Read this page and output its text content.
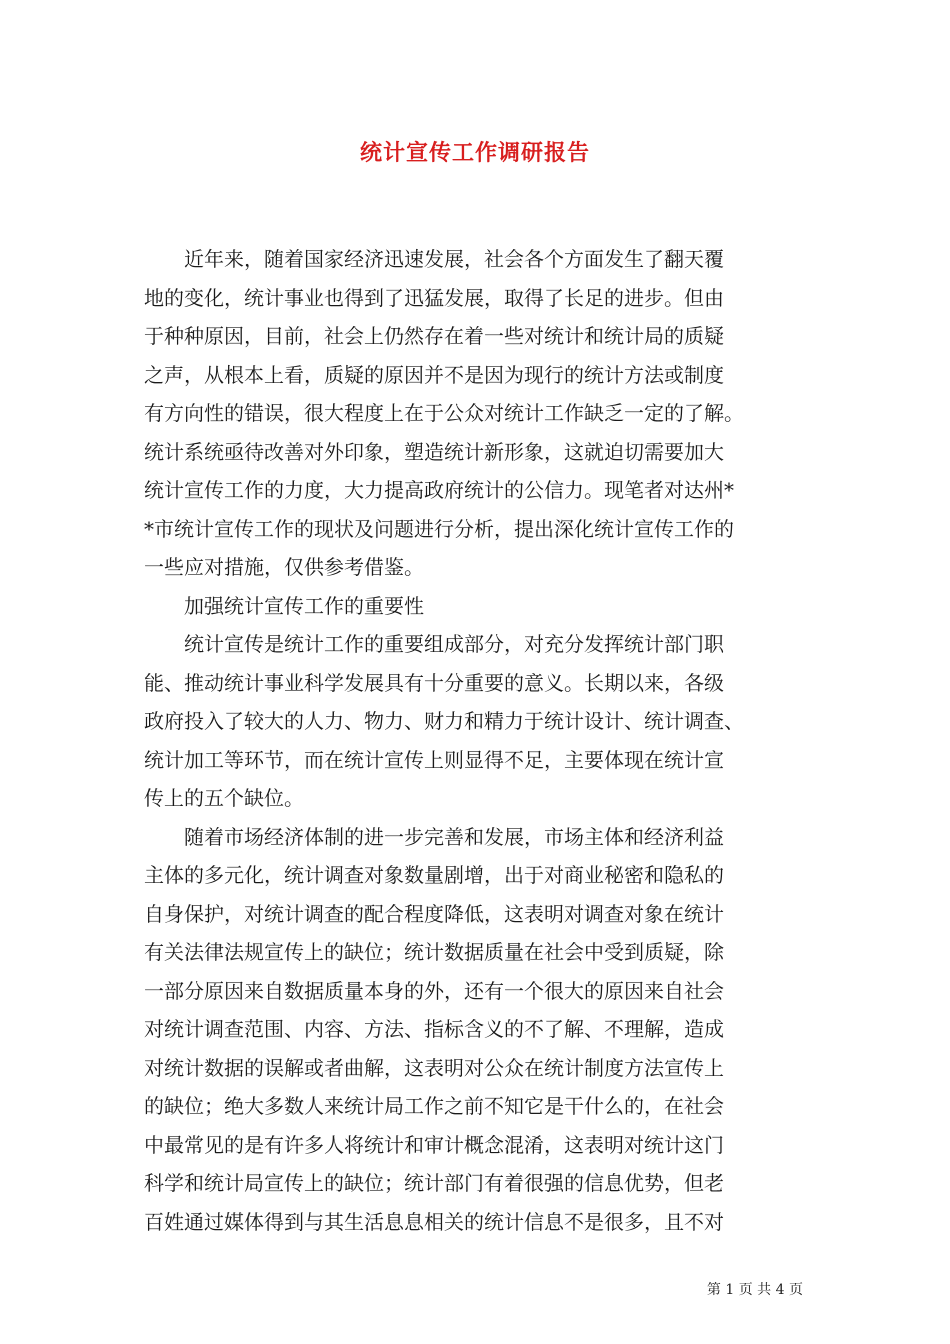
统计宣传工作调研报告
　　近年来，随着国家经济迅速发展，社会各个方面发生了翻天覆
地的变化，统计事业也得到了迅猛发展，取得了长足的进步。但由
于种种原因，目前，社会上仍然存在着一些对统计和统计局的质疑
之声，从根本上看，质疑的原因并不是因为现行的统计方法或制度
有方向性的错误，很大程度上在于公众对统计工作缺乏一定的了解。
统计系统亟待改善对外印象，塑造统计新形象，这就迫切需要加大
统计宣传工作的力度，大力提高政府统计的公信力。现笔者对达州*
*市统计宣传工作的现状及问题进行分析，提出深化统计宣传工作的
一些应对措施，仅供参考借鉴。
　　加强统计宣传工作的重要性
　　统计宣传是统计工作的重要组成部分，对充分发挥统计部门职
能、推动统计事业科学发展具有十分重要的意义。长期以来，各级
政府投入了较大的人力、物力、财力和精力于统计设计、统计调查、
统计加工等环节，而在统计宣传上则显得不足，主要体现在统计宣
传上的五个缺位。
　　随着市场经济体制的进一步完善和发展，市场主体和经济利益
主体的多元化，统计调查对象数量剧增，出于对商业秘密和隐私的
自身保护，对统计调查的配合程度降低，这表明对调查对象在统计
有关法律法规宣传上的缺位；统计数据质量在社会中受到质疑，除
一部分原因来自数据质量本身的外，还有一个很大的原因来自社会
对统计调查范围、内容、方法、指标含义的不了解、不理解，造成
对统计数据的误解或者曲解，这表明对公众在统计制度方法宣传上
的缺位；绝大多数人来统计局工作之前不知它是干什么的，在社会
中最常见的是有许多人将统计和审计概念混淆，这表明对统计这门
科学和统计局宣传上的缺位；统计部门有着很强的信息优势，但老
百姓通过媒体得到与其生活息息相关的统计信息不是很多，且不对
第 1 页 共 4 页
